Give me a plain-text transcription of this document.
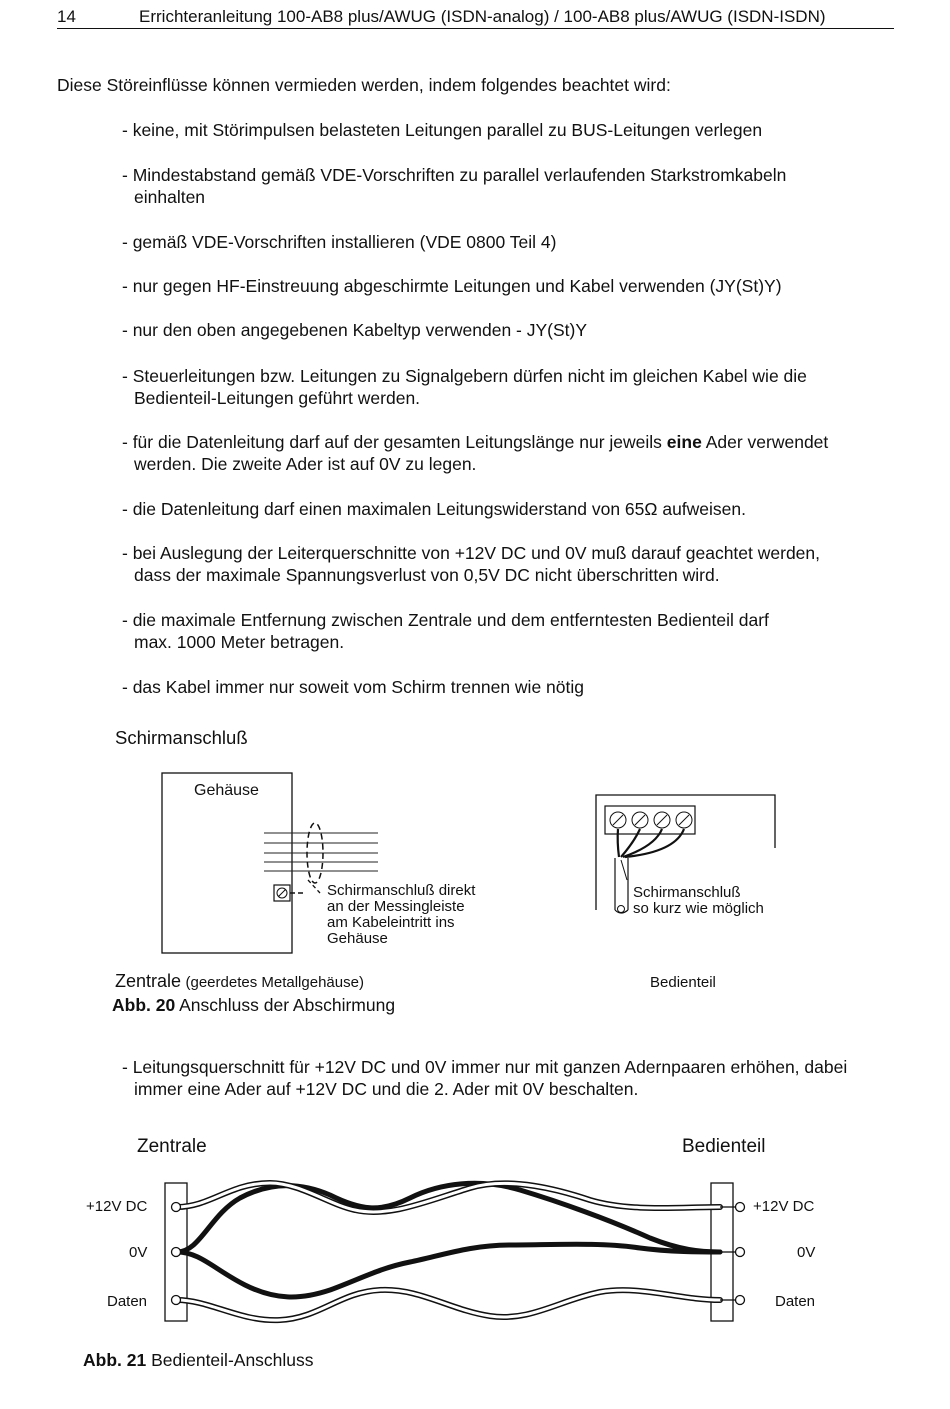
14	Errichteranleitung 100-AB8 plus/AWUG (ISDN-analog) / 100-AB8 plus/AWUG (ISDN-ISDN)
Diese Störeinflüsse können vermieden werden, indem folgendes beachtet wird:
- keine, mit Störimpulsen belasteten Leitungen parallel zu BUS-Leitungen verlegen
- Mindestabstand gemäß VDE-Vorschriften zu parallel verlaufenden Starkstromkabeln
einhalten
- gemäß VDE-Vorschriften installieren (VDE 0800 Teil 4)
- nur gegen HF-Einstreuung abgeschirmte Leitungen und Kabel verwenden (JY(St)Y)
- nur den oben angegebenen Kabeltyp verwenden - JY(St)Y
- Steuerleitungen bzw. Leitungen zu Signalgebern dürfen nicht im gleichen Kabel wie die
Bedienteil-Leitungen geführt werden.
- für die Datenleitung darf auf der gesamten Leitungslänge nur jeweils eine Ader verwendet
werden. Die zweite Ader ist auf 0V zu legen.
- die Datenleitung darf einen maximalen Leitungswiderstand von 65Ω aufweisen.
- bei Auslegung der Leiterquerschnitte von +12V DC und 0V muß darauf geachtet werden,
dass der maximale Spannungsverlust von 0,5V DC nicht überschritten wird.
- die maximale Entfernung zwischen Zentrale und dem entferntesten Bedienteil darf
max. 1000 Meter betragen.
- das Kabel immer nur soweit vom Schirm trennen wie nötig
Schirmanschluß
Gehäuse
Schirmanschluß direkt
an der Messingleiste
am Kabeleintritt ins
Gehäuse
Schirmanschluß
so kurz wie möglich
Zentrale (geerdetes Metallgehäuse)	Bedienteil
Abb. 20 Anschluss der Abschirmung
- Leitungsquerschnitt für +12V DC und 0V immer nur mit ganzen Adernpaaren erhöhen, dabei
immer eine Ader auf +12V DC und die 2. Ader mit 0V beschalten.
Zentrale	Bedienteil
+12V DC
0V
Daten
+12V DC
0V
Daten
Abb. 21 Bedienteil-Anschluss
